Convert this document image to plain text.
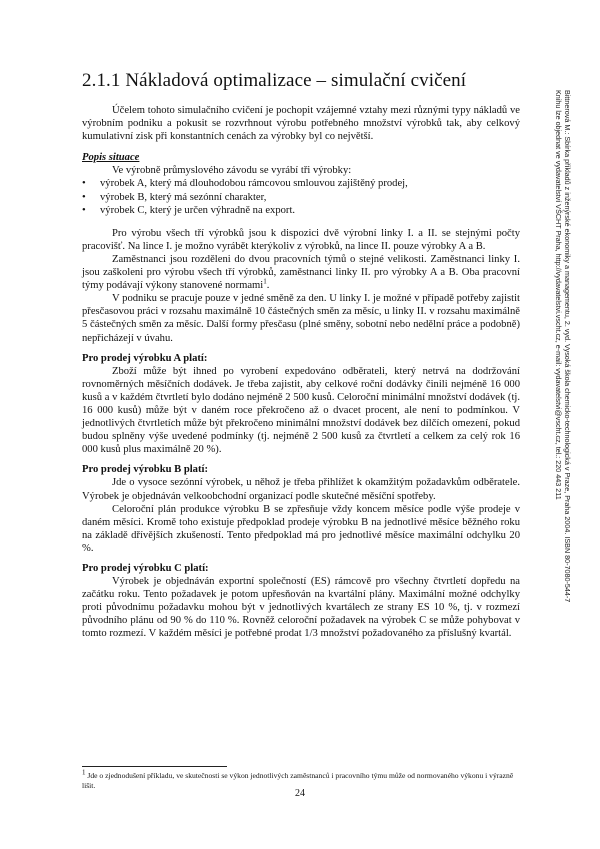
2.1.1 Nákladová optimalizace – simulační cvičení

Účelem tohoto simulačního cvičení je pochopit vzájemné vztahy mezi různými typy nákladů ve výrobním podniku a pokusit se rozvrhnout výrobu potřebného množství výrobků tak, aby celkový kumulativní zisk při konstantních cenách za výrobky byl co největší.

Popis situace

Ve výrobně průmyslového závodu se vyrábí tři výrobky:

• výrobek A, který má dlouhodobou rámcovou smlouvou zajištěný prodej,
• výrobek B, který má sezónní charakter,
• výrobek C, který je určen výhradně na export.

Pro výrobu všech tří výrobků jsou k dispozici dvě výrobní linky I. a II. se stejnými počty pracovišť. Na lince I. je možno vyrábět kterýkoliv z výrobků, na lince II. pouze výrobky A a B.

Zaměstnanci jsou rozděleni do dvou pracovních týmů o stejné velikosti. Zaměstnanci linky I. jsou zaškoleni pro výrobu všech tří výrobků, zaměstnanci linky II. pro výrobky A a B. Oba pracovní týmy podávají výkony stanovené normami$^1$.

V podniku se pracuje pouze v jedné směně za den. U linky I. je možné v případě potřeby zajistit přesčasovou práci v rozsahu maximálně 10 částečných směn za měsíc, u linky II. v rozsahu maximálně 5 částečných směn za měsíc. Další formy přesčasu (plné směny, sobotní nebo nedělní práce a podobně) nepřicházejí v úvahu.

Pro prodej výrobku A platí:

Zboží může být ihned po vyrobení expedováno odběrateli, který netrvá na dodržování rovnoměrných měsíčních dodávek. Je třeba zajistit, aby celkové roční dodávky činili nejméně 16 000 kusů a v každém čtvrtletí bylo dodáno nejméně 2 500 kusů. Celoroční minimální množství dodávek (tj. 16 000 kusů) může být v daném roce překročeno až o dvacet procent, ale není to podmínkou. V jednotlivých čtvrtletích může být překročeno minimální množství dodávek bez dílčích omezení, pokud budou splněny výše uvedené podmínky (tj. nejméně 2 500 kusů za čtvrtletí a celkem za celý rok 16 000 kusů plus maximálně 20 %).

Pro prodej výrobku B platí:

Jde o vysoce sezónní výrobek, u něhož je třeba přihlížet k okamžitým požadavkům odběratele. Výrobek je objednáván velkoobchodní organizací podle skutečné měsíční spotřeby.

Celoroční plán produkce výrobku B se zpřesňuje vždy koncem měsíce podle výše prodeje v daném měsíci. Kromě toho existuje předpoklad prodeje výrobku B na jednotlivé měsíce běžného roku na základě dřívějších zkušeností. Tento předpoklad má pro jednotlivé měsíce maximální odchylku 20 %.

Pro prodej výrobku C platí:

Výrobek je objednáván exportní společností (ES) rámcově pro všechny čtvrtletí dopředu na začátku roku. Tento požadavek je potom upřesňován na kvartální plány. Maximální možné odchylky proti původnímu požadavku mohou být v jednotlivých kvartálech ze strany ES 10 %, tj. v rozmezí původního plánu od 90 % do 110 %. Rovněž celoroční požadavek na výrobek C se může pohybovat v tomto rozmezí. V každém měsíci je potřebné prodat 1/3 množství požadovaného za příslušný kvartál.

$^1$ Jde o zjednodušení příkladu, ve skutečnosti se výkon jednotlivých zaměstnanců i pracovního týmu může od normovaného výkonu i výrazně lišit.
24
Bittnerová M.: Sbírka příkladů z inženýrské ekonomiky a managementu, 2. vyd. Vysoká škola chemicko-technologická v Praze, Praha 2004. ISBN 80-7080-544-7
Knihu lze objednat ve vydavatelství VŠCHT Praha, http://vydavatelstvi.vscht.cz, e-mail: vydavatelstvi@vscht.cz, tel.: 220 443 211
